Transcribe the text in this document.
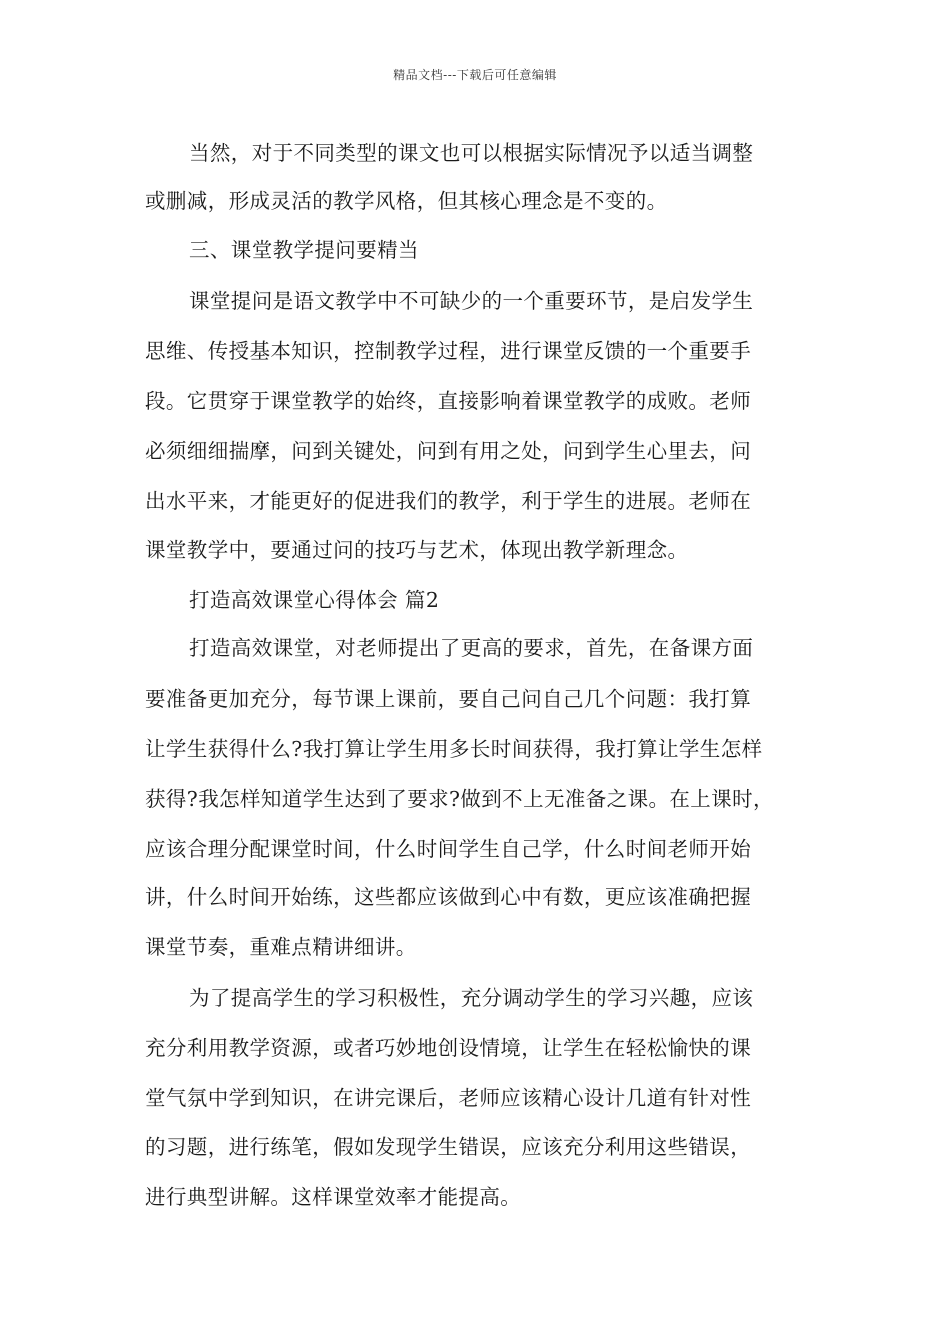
精品文档---下载后可任意编辑
当然，对于不同类型的课文也可以根据实际情况予以适当调整
或删减，形成灵活的教学风格，但其核心理念是不变的。
三、课堂教学提问要精当
课堂提问是语文教学中不可缺少的一个重要环节，是启发学生
思维、传授基本知识，控制教学过程，进行课堂反馈的一个重要手
段。它贯穿于课堂教学的始终，直接影响着课堂教学的成败。老师
必须细细揣摩，问到关键处，问到有用之处，问到学生心里去，问
出水平来，才能更好的促进我们的教学，利于学生的进展。老师在
课堂教学中，要通过问的技巧与艺术，体现出教学新理念。
打造高效课堂心得体会 篇2
打造高效课堂，对老师提出了更高的要求，首先，在备课方面
要准备更加充分，每节课上课前，要自己问自己几个问题：我打算
让学生获得什么?我打算让学生用多长时间获得，我打算让学生怎样
获得?我怎样知道学生达到了要求?做到不上无准备之课。在上课时，
应该合理分配课堂时间，什么时间学生自己学，什么时间老师开始
讲，什么时间开始练，这些都应该做到心中有数，更应该准确把握
课堂节奏，重难点精讲细讲。
为了提高学生的学习积极性，充分调动学生的学习兴趣，应该
充分利用教学资源，或者巧妙地创设情境，让学生在轻松愉快的课
堂气氛中学到知识，在讲完课后，老师应该精心设计几道有针对性
的习题，进行练笔，假如发现学生错误，应该充分利用这些错误，
进行典型讲解。这样课堂效率才能提高。
